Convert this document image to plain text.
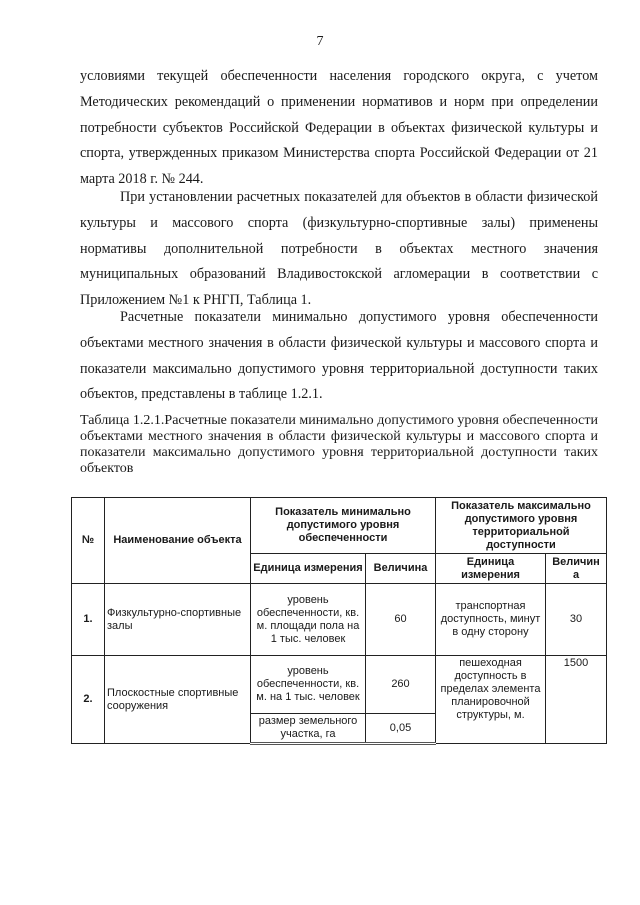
7

условиями текущей обеспеченности населения городского округа, с учетом Методических рекомендаций о применении нормативов и норм при определении потребности субъектов Российской Федерации в объектах физической культуры и спорта, утвержденных приказом Министерства спорта Российской Федерации от 21 марта 2018 г. № 244.

При установлении расчетных показателей для объектов в области физической культуры и массового спорта (физкультурно-спортивные залы) применены нормативы дополнительной потребности в объектах местного значения муниципальных образований Владивостокской агломерации в соответствии с Приложением №1 к РНГП, Таблица 1.

Расчетные показатели минимально допустимого уровня обеспеченности объектами местного значения в области физической культуры и массового спорта и показатели максимально допустимого уровня территориальной доступности таких объектов, представлены в таблице 1.2.1.

Таблица 1.2.1.Расчетные показатели минимально допустимого уровня обеспеченности объектами местного значения в области физической культуры и массового спорта и показатели максимально допустимого уровня территориальной доступности таких объектов
№	Наименование объекта	Показатель минимально допустимого уровня обеспеченности		Показатель максимально допустимого уровня территориальной доступности	
		Единица измерения	Величина	Единица измерения	Величин а
1.	Физкультурно-спортивные залы	уровень обеспеченности, кв. м. площади пола на 1 тыс. человек	60	транспортная доступность, минут в одну сторону	30
2.	Плоскостные спортивные сооружения	уровень обеспеченности, кв. м. на 1 тыс. человек	260	пешеходная доступность в пределах элемента планировочной структуры, м.	1500
		размер земельного участка, га	0,05		
